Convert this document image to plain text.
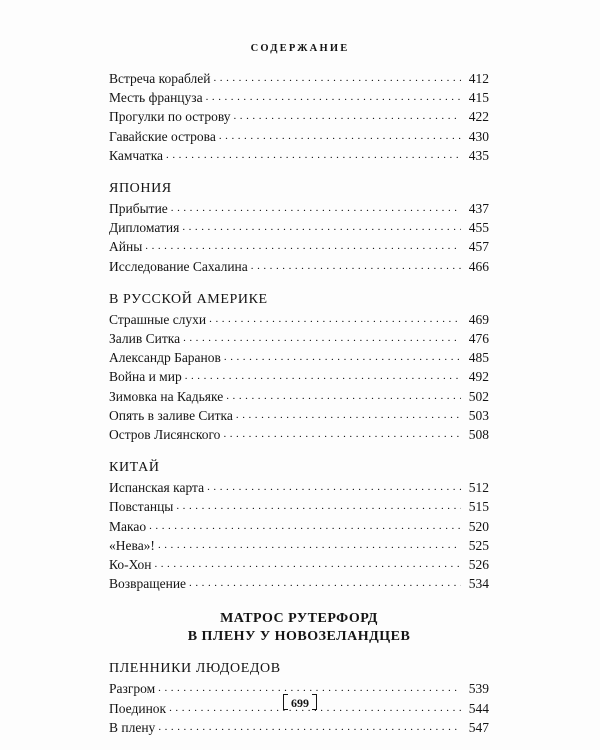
СОДЕРЖАНИЕ
Встреча кораблей . . .	412
Месть француза . . .	415
Прогулки по острову . . .	422
Гавайские острова . . .	430
Камчатка . . .	435
ЯПОНИЯ
Прибытие . . .	437
Дипломатия . . .	455
Айны . . .	457
Исследование Сахалина . . .	466
В РУССКОЙ АМЕРИКЕ
Страшные слухи . . .	469
Залив Ситка . . .	476
Александр Баранов . . .	485
Война и мир . . .	492
Зимовка на Кадьяке . . .	502
Опять в заливе Ситка . . .	503
Остров Лисянского . . .	508
КИТАЙ
Испанская карта . . .	512
Повстанцы . . .	515
Макао . . .	520
«Нева»! . . .	525
Ко-Хон . . .	526
Возвращение . . .	534
МАТРОС РУТЕРФОРД
В ПЛЕНУ У НОВОЗЕЛАНДЦЕВ
ПЛЕННИКИ ЛЮДОЕДОВ
Разгром . . .	539
Поединок . . .	544
В плену . . .	547
699
